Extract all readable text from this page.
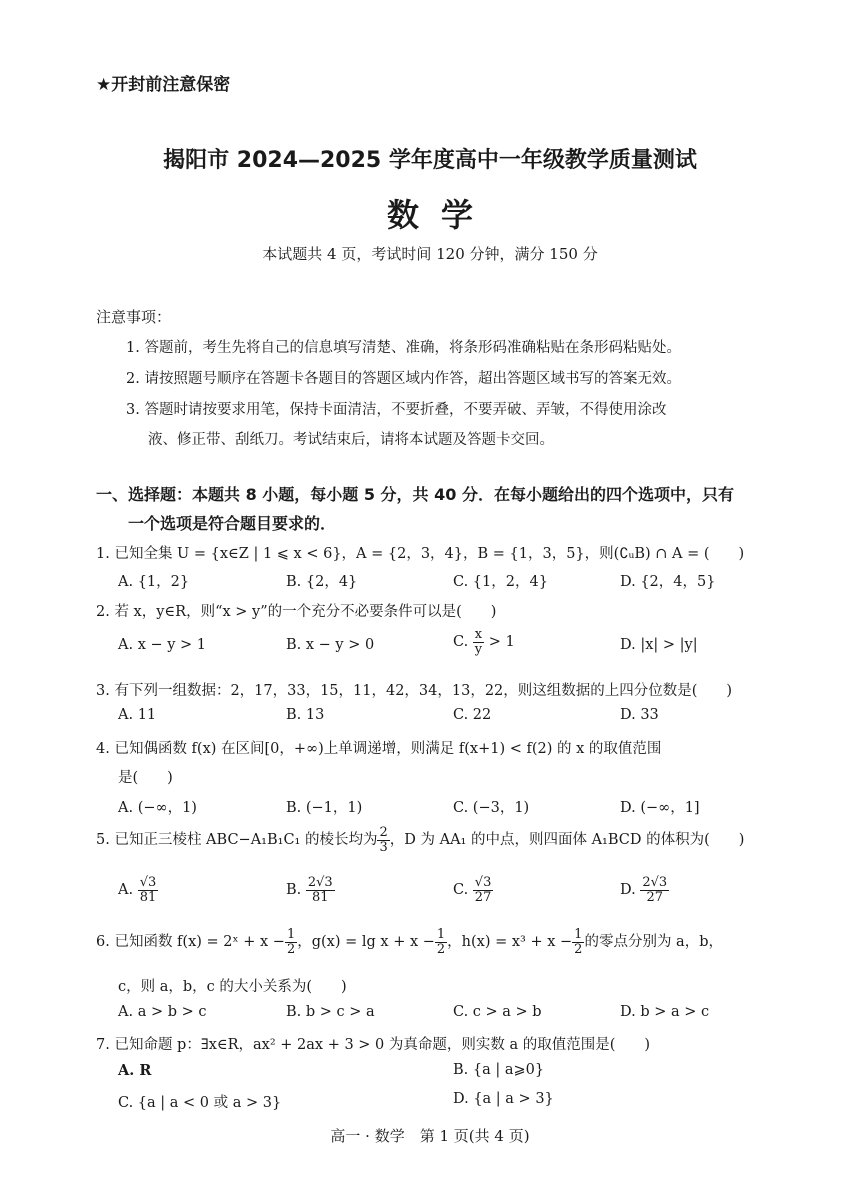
★开封前注意保密
揭阳市 2024—2025 学年度高中一年级教学质量测试
数学
本试题共 4 页，考试时间 120 分钟，满分 150 分
注意事项：
1. 答题前，考生先将自己的信息填写清楚、准确，将条形码准确粘贴在条形码粘贴处。
2. 请按照题号顺序在答题卡各题目的答题区域内作答，超出答题区域书写的答案无效。
3. 答题时请按要求用笔，保持卡面清洁，不要折叠，不要弄破、弄皱，不得使用涂改
液、修正带、刮纸刀。考试结束后，请将本试题及答题卡交回。
一、选择题：本题共 8 小题，每小题 5 分，共 40 分．在每小题给出的四个选项中，只有
一个选项是符合题目要求的．
1. 已知全集 U = {x∈Z | 1 ⩽ x < 6}，A = {2，3，4}，B = {1，3，5}，则(∁ᵤB) ∩ A = (　　)
A. {1，2}	B. {2，4}	C. {1，2，4}	D. {2，4，5}
2. 若 x，y∈R，则“x > y”的一个充分不必要条件可以是(　　)
A. x − y > 1	B. x − y > 0	C. $\frac{x}{y} > 1$	D. |x| > |y|
3. 有下列一组数据：2，17，33，15，11，42，34，13，22，则这组数据的上四分位数是(　　)
A. 11	B. 13	C. 22	D. 33
4. 已知偶函数 f(x) 在区间[0，+∞)上单调递增，则满足 f(x+1) < f(2) 的 x 的取值范围
是(　　)
A. (−∞，1)	B. (−1，1)	C. (−3，1)	D. (−∞，1]
5. 已知正三棱柱 ABC−A₁B₁C₁ 的棱长均为 $\frac{2}{3}$ ，D 为 AA₁ 的中点，则四面体 A₁BCD 的体积为(　　)
A. $\frac{√3}{81}$	B. $\frac{2√3}{81}$	C. $\frac{√3}{27}$	D. $\frac{2√3}{27}$
6. 已知函数 f(x) = 2ˣ + $x - \frac{1}{2}$ ，$g(x) = \lg x + x - \frac{1}{2}$ ，$h(x) = x^3 + x - \frac{1}{2}$ 的零点分别为 a，b，
c，则 a，b，c 的大小关系为(　　)
A. a > b > c	B. b > c > a	C. c > a > b	D. b > a > c
7. 已知命题 p：∃x∈R，ax² + 2ax + 3 > 0 为真命题，则实数 a 的取值范围是(　　)
A. R	B. {a | a⩾0}
C. {a | a < 0 或 a > 3}	D. {a | a > 3}
高一 · 数学　第 1 页(共 4 页)
